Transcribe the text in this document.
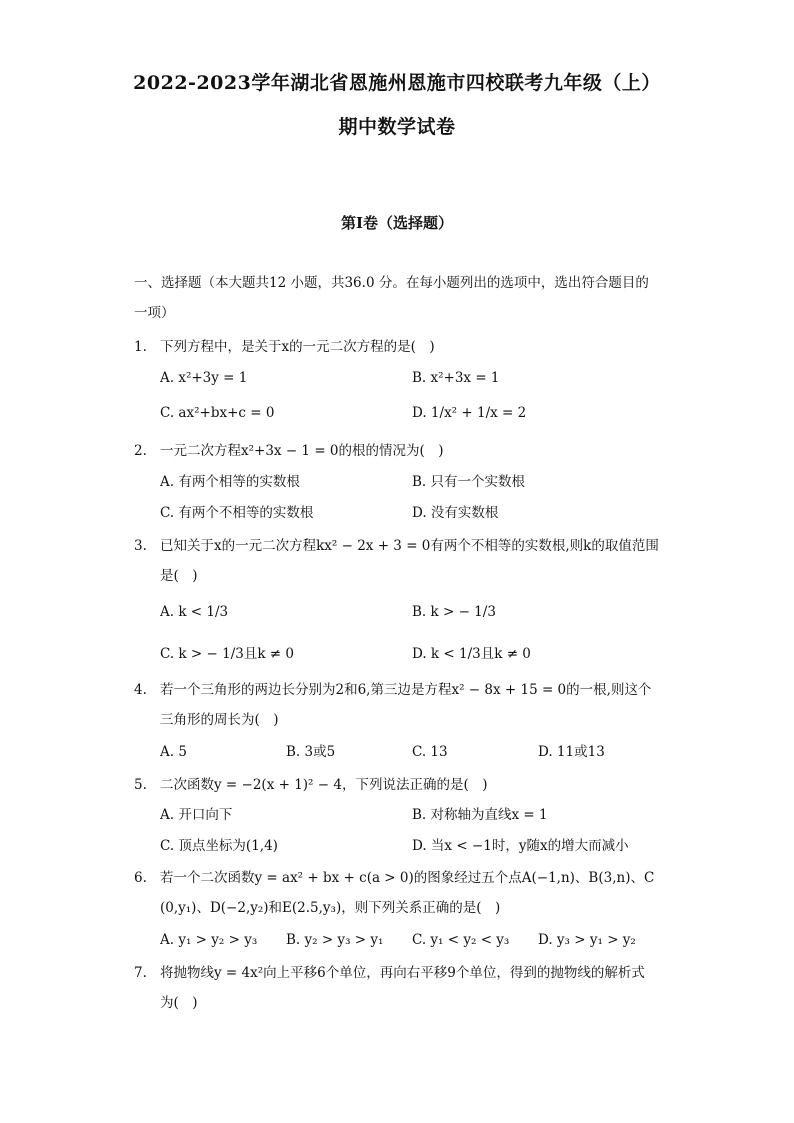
2022-2023学年湖北省恩施州恩施市四校联考九年级（上）
期中数学试卷
第I卷（选择题）
一、选择题（本大题共12 小题，共36.0 分。在每小题列出的选项中，选出符合题目的
一项）
1. 下列方程中，是关于x的一元二次方程的是(　)
A. x²+3y = 1	B. x²+3x = 1
C. ax²+bx+c = 0	D. 1/x² + 1/x = 2
2. 一元二次方程x²+3x − 1 = 0的根的情况为(　)
A. 有两个相等的实数根	B. 只有一个实数根
C. 有两个不相等的实数根	D. 没有实数根
3. 已知关于x的一元二次方程kx² − 2x + 3 = 0有两个不相等的实数根,则k的取值范围
是(　)
A. k < 1/3	B. k > − 1/3
C. k > − 1/3且k ≠ 0	D. k < 1/3且k ≠ 0
4. 若一个三角形的两边长分别为2和6,第三边是方程x² − 8x + 15 = 0的一根,则这个
三角形的周长为(　)
A. 5	B. 3或5	C. 13	D. 11或13
5. 二次函数y = −2(x + 1)² − 4，下列说法正确的是(　)
A. 开口向下	B. 对称轴为直线x = 1
C. 顶点坐标为(1,4)	D. 当x < −1时，y随x的增大而减小
6. 若一个二次函数y = ax² + bx + c(a > 0)的图象经过五个点A(−1,n)、B(3,n)、C
(0,y₁)、D(−2,y₂)和E(2.5,y₃)，则下列关系正确的是(　)
A. y₁ > y₂ > y₃ B. y₂ > y₃ > y₁ C. y₁ < y₂ < y₃ D. y₃ > y₁ > y₂
7. 将抛物线y = 4x²向上平移6个单位，再向右平移9个单位，得到的抛物线的解析式
为(　)
